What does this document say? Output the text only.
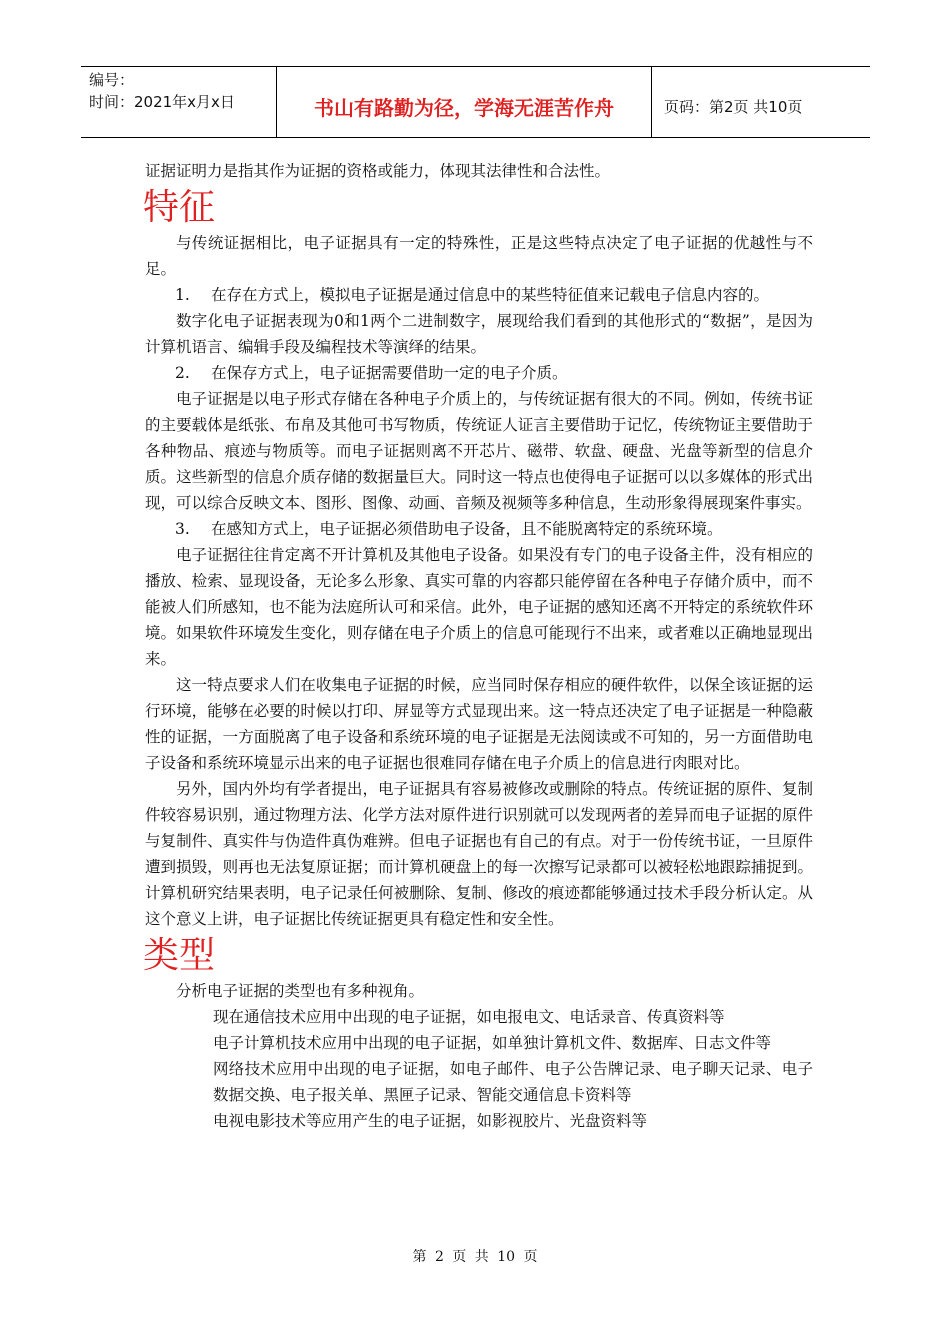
编号：
时间：2021年x月x日	书山有路勤为径，学海无涯苦作舟	页码：第2页 共10页

证据证明力是指其作为证据的资格或能力，体现其法律性和合法性。

特征

与传统证据相比，电子证据具有一定的特殊性，正是这些特点决定了电子证据的优越性与不足。

1. 在存在方式上，模拟电子证据是通过信息中的某些特征值来记载电子信息内容的。

数字化电子证据表现为0和1两个二进制数字，展现给我们看到的其他形式的“数据”，是因为计算机语言、编辑手段及编程技术等演绎的结果。

2. 在保存方式上，电子证据需要借助一定的电子介质。

电子证据是以电子形式存储在各种电子介质上的，与传统证据有很大的不同。例如，传统书证的主要载体是纸张、布帛及其他可书写物质，传统证人证言主要借助于记忆，传统物证主要借助于各种物品、痕迹与物质等。而电子证据则离不开芯片、磁带、软盘、硬盘、光盘等新型的信息介质。这些新型的信息介质存储的数据量巨大。同时这一特点也使得电子证据可以以多媒体的形式出现，可以综合反映文本、图形、图像、动画、音频及视频等多种信息，生动形象得展现案件事实。

3. 在感知方式上，电子证据必须借助电子设备，且不能脱离特定的系统环境。

电子证据往往肯定离不开计算机及其他电子设备。如果没有专门的电子设备主件，没有相应的播放、检索、显现设备，无论多么形象、真实可靠的内容都只能停留在各种电子存储介质中，而不能被人们所感知，也不能为法庭所认可和采信。此外，电子证据的感知还离不开特定的系统软件环境。如果软件环境发生变化，则存储在电子介质上的信息可能现行不出来，或者难以正确地显现出来。

这一特点要求人们在收集电子证据的时候，应当同时保存相应的硬件软件，以保全该证据的运行环境，能够在必要的时候以打印、屏显等方式显现出来。这一特点还决定了电子证据是一种隐蔽性的证据，一方面脱离了电子设备和系统环境的电子证据是无法阅读或不可知的，另一方面借助电子设备和系统环境显示出来的电子证据也很难同存储在电子介质上的信息进行肉眼对比。

另外，国内外均有学者提出，电子证据具有容易被修改或删除的特点。传统证据的原件、复制件较容易识别，通过物理方法、化学方法对原件进行识别就可以发现两者的差异而电子证据的原件与复制件、真实件与伪造件真伪难辨。但电子证据也有自己的有点。对于一份传统书证，一旦原件遭到损毁，则再也无法复原证据；而计算机硬盘上的每一次擦写记录都可以被轻松地跟踪捕捉到。计算机研究结果表明，电子记录任何被删除、复制、修改的痕迹都能够通过技术手段分析认定。从这个意义上讲，电子证据比传统证据更具有稳定性和安全性。

类型

分析电子证据的类型也有多种视角。

现在通信技术应用中出现的电子证据，如电报电文、电话录音、传真资料等

电子计算机技术应用中出现的电子证据，如单独计算机文件、数据库、日志文件等

网络技术应用中出现的电子证据，如电子邮件、电子公告牌记录、电子聊天记录、电子数据交换、电子报关单、黑匣子记录、智能交通信息卡资料等

电视电影技术等应用产生的电子证据，如影视胶片、光盘资料等

第 2 页 共 10 页
